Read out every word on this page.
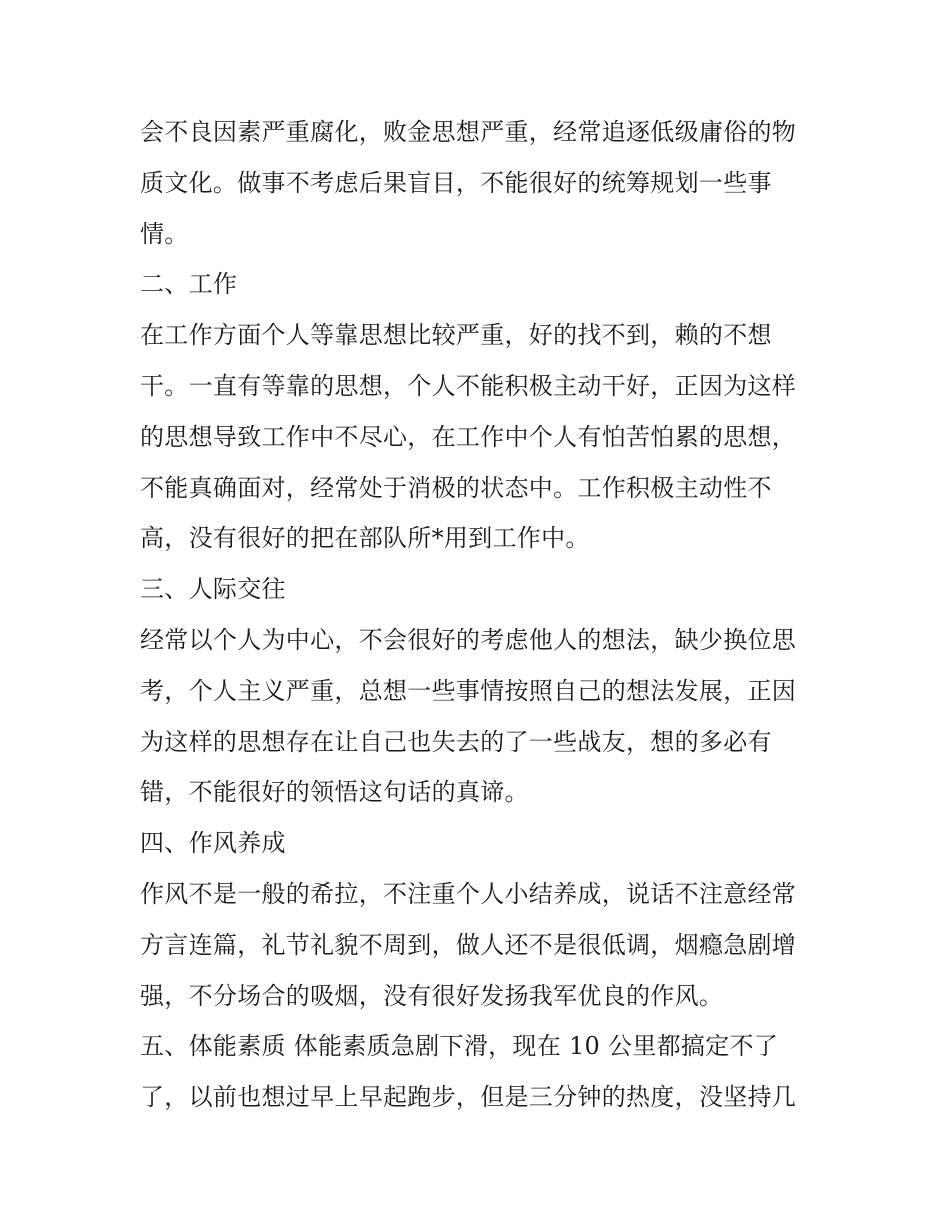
会不良因素严重腐化，败金思想严重，经常追逐低级庸俗的物
质文化。做事不考虑后果盲目，不能很好的统筹规划一些事
情。
二、工作
在工作方面个人等靠思想比较严重，好的找不到，赖的不想
干。一直有等靠的思想，个人不能积极主动干好，正因为这样
的思想导致工作中不尽心，在工作中个人有怕苦怕累的思想，
不能真确面对，经常处于消极的状态中。工作积极主动性不
高，没有很好的把在部队所*用到工作中。
三、人际交往
经常以个人为中心，不会很好的考虑他人的想法，缺少换位思
考，个人主义严重，总想一些事情按照自己的想法发展，正因
为这样的思想存在让自己也失去的了一些战友，想的多必有
错，不能很好的领悟这句话的真谛。
四、作风养成
作风不是一般的希拉，不注重个人小结养成，说话不注意经常
方言连篇，礼节礼貌不周到，做人还不是很低调，烟瘾急剧增
强，不分场合的吸烟，没有很好发扬我军优良的作风。
五、体能素质 体能素质急剧下滑，现在 10 公里都搞定不了
了，以前也想过早上早起跑步，但是三分钟的热度，没坚持几
